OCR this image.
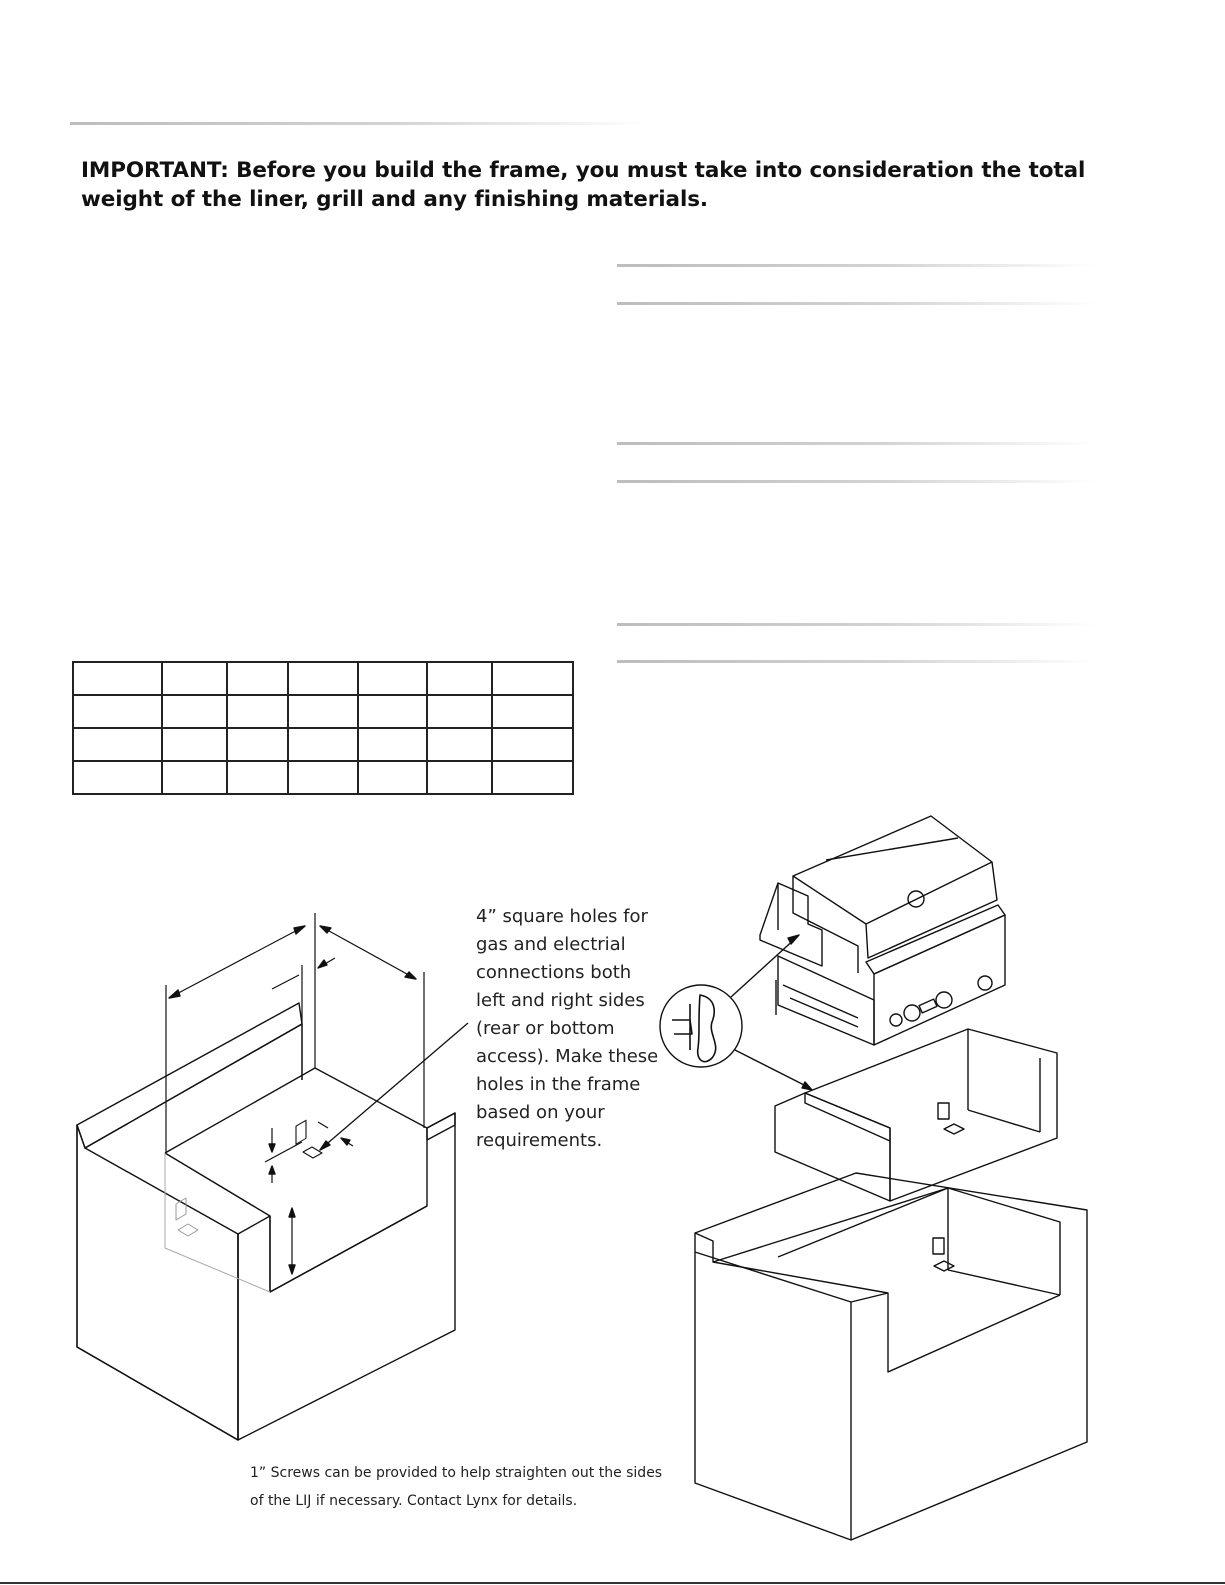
IMPORTANT: Before you build the frame, you must take into consideration the total weight of the liner, grill and any finishing materials.

4” square holes for gas and electrial connections both left and right sides (rear or bottom access). Make these holes in the frame based on your requirements.
1” Screws can be provided to help straighten out the sides of the LIJ if necessary. Contact Lynx for details.
